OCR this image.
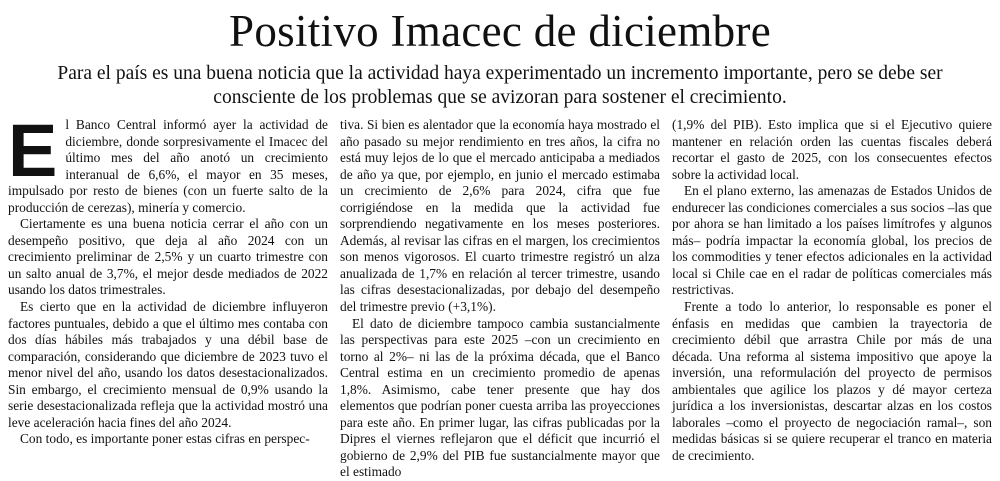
Positivo Imacec de diciembre

Para el país es una buena noticia que la actividad haya experimentado un incremento importante, pero se debe ser consciente de los problemas que se avizoran para sostener el crecimiento.

El Banco Central informó ayer la actividad de diciembre, donde sorpresivamente el Imacec del último mes del año anotó un crecimiento interanual de 6,6%, el mayor en 35 meses, impulsado por resto de bienes (con un fuerte salto de la producción de cerezas), minería y comercio.

Ciertamente es una buena noticia cerrar el año con un desempeño positivo, que deja al año 2024 con un crecimiento preliminar de 2,5% y un cuarto trimestre con un salto anual de 3,7%, el mejor desde mediados de 2022 usando los datos trimestrales.

Es cierto que en la actividad de diciembre influyeron factores puntuales, debido a que el último mes contaba con dos días hábiles más trabajados y una débil base de comparación, considerando que diciembre de 2023 tuvo el menor nivel del año, usando los datos desestacionalizados. Sin embargo, el crecimiento mensual de 0,9% usando la serie desestacionalizada refleja que la actividad mostró una leve aceleración hacia fines del año 2024.

Con todo, es importante poner estas cifras en perspec-

tiva. Si bien es alentador que la economía haya mostrado el año pasado su mejor rendimiento en tres años, la cifra no está muy lejos de lo que el mercado anticipaba a mediados de año ya que, por ejemplo, en junio el mercado estimaba un crecimiento de 2,6% para 2024, cifra que fue corrigiéndose en la medida que la actividad fue sorprendiendo negativamente en los meses posteriores. Además, al revisar las cifras en el margen, los crecimientos son menos vigorosos. El cuarto trimestre registró un alza anualizada de 1,7% en relación al tercer trimestre, usando las cifras desestacionalizadas, por debajo del desempeño del trimestre previo (+3,1%).

El dato de diciembre tampoco cambia sustancialmente las perspectivas para este 2025 –con un crecimiento en torno al 2%– ni las de la próxima década, que el Banco Central estima en un crecimiento promedio de apenas 1,8%. Asimismo, cabe tener presente que hay dos elementos que podrían poner cuesta arriba las proyecciones para este año. En primer lugar, las cifras publicadas por la Dipres el viernes reflejaron que el déficit que incurrió el gobierno de 2,9% del PIB fue sustancialmente mayor que el estimado

(1,9% del PIB). Esto implica que si el Ejecutivo quiere mantener en relación orden las cuentas fiscales deberá recortar el gasto de 2025, con los consecuentes efectos sobre la actividad local.

En el plano externo, las amenazas de Estados Unidos de endurecer las condiciones comerciales a sus socios –las que por ahora se han limitado a los países limítrofes y algunos más– podría impactar la economía global, los precios de los commodities y tener efectos adicionales en la actividad local si Chile cae en el radar de políticas comerciales más restrictivas.

Frente a todo lo anterior, lo responsable es poner el énfasis en medidas que cambien la trayectoria de crecimiento débil que arrastra Chile por más de una década. Una reforma al sistema impositivo que apoye la inversión, una reformulación del proyecto de permisos ambientales que agilice los plazos y dé mayor certeza jurídica a los inversionistas, descartar alzas en los costos laborales –como el proyecto de negociación ramal–, son medidas básicas si se quiere recuperar el tranco en materia de crecimiento.
